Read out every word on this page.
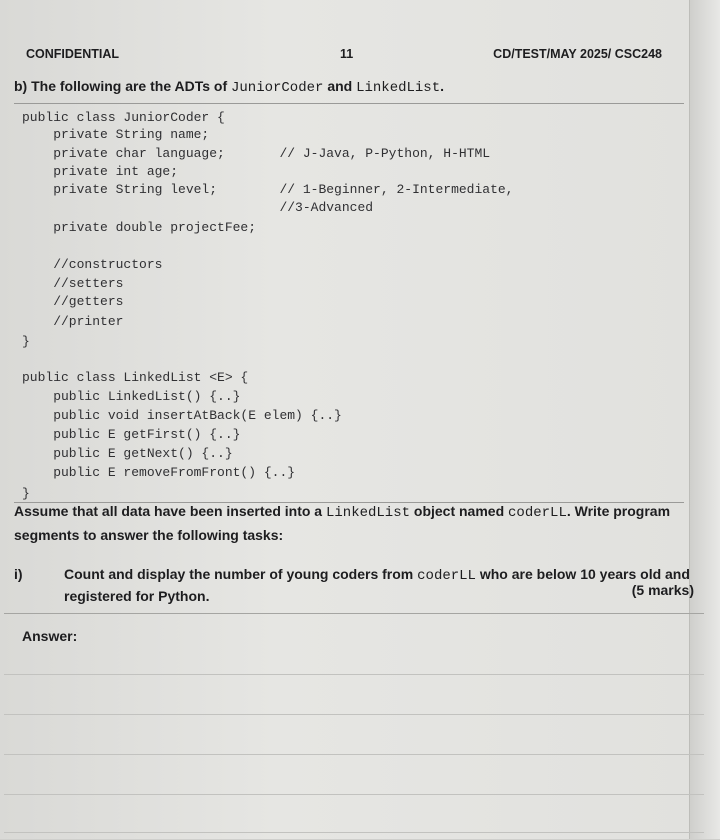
CONFIDENTIAL	11	CD/TEST/MAY 2025/ CSC248
b) The following are the ADTs of JuniorCoder and LinkedList.
public class JuniorCoder {
private String name;
private char language;       // J-Java, P-Python, H-HTML
private int age;
private String level;        // 1-Beginner, 2-Intermediate,
//3-Advanced
private double projectFee;
//constructors
//setters
//getters
//printer
}
public class LinkedList <E> {
public LinkedList() {..}
public void insertAtBack(E elem) {..}
public E getFirst() {..}
public E getNext() {..}
public E removeFromFront() {..}
}
Assume that all data have been inserted into a LinkedList object named coderLL. Write program segments to answer the following tasks:
i)	Count and display the number of young coders from coderLL who are below 10 years old and registered for Python.	(5 marks)
Answer:
